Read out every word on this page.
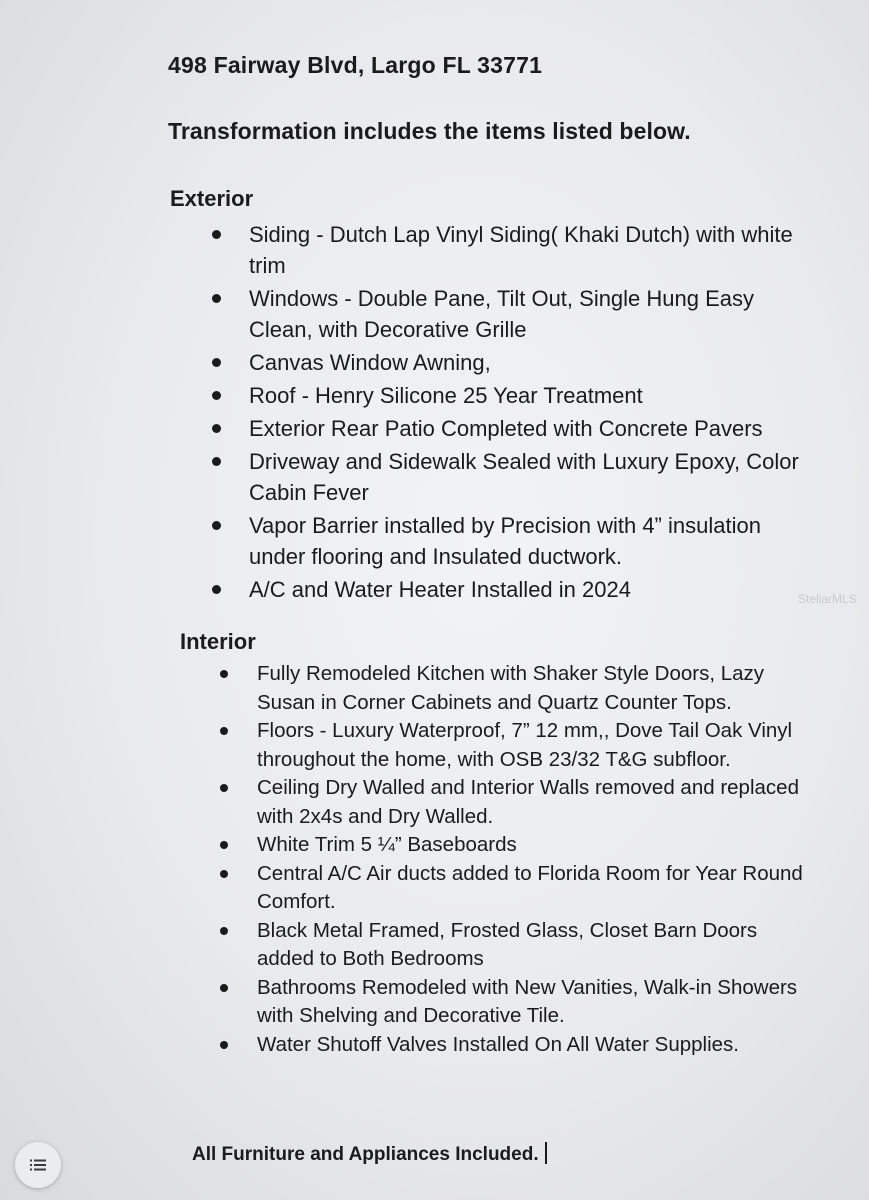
498 Fairway Blvd, Largo FL 33771
Transformation includes the items listed below.
Exterior
Siding - Dutch Lap Vinyl Siding( Khaki Dutch) with white trim
Windows - Double Pane, Tilt Out, Single Hung Easy Clean, with Decorative Grille
Canvas Window Awning,
Roof - Henry Silicone 25 Year Treatment
Exterior Rear Patio Completed with Concrete Pavers
Driveway and Sidewalk Sealed with Luxury Epoxy, Color Cabin Fever
Vapor Barrier installed by Precision with 4” insulation under flooring and Insulated ductwork.
A/C and Water Heater Installed in 2024
Interior
Fully Remodeled Kitchen with Shaker Style Doors, Lazy Susan in Corner Cabinets and Quartz Counter Tops.
Floors - Luxury Waterproof, 7” 12 mm,, Dove Tail Oak Vinyl throughout the home, with OSB 23/32 T&G subfloor.
Ceiling Dry Walled and Interior Walls removed and replaced with 2x4s and Dry Walled.
White Trim 5 ¼” Baseboards
Central A/C Air ducts added to Florida Room for Year Round Comfort.
Black Metal Framed, Frosted Glass, Closet Barn Doors added to Both Bedrooms
Bathrooms Remodeled with New Vanities, Walk-in Showers with Shelving and Decorative Tile.
Water Shutoff Valves Installed On All Water Supplies.
All Furniture and Appliances Included.
StellarMLS
